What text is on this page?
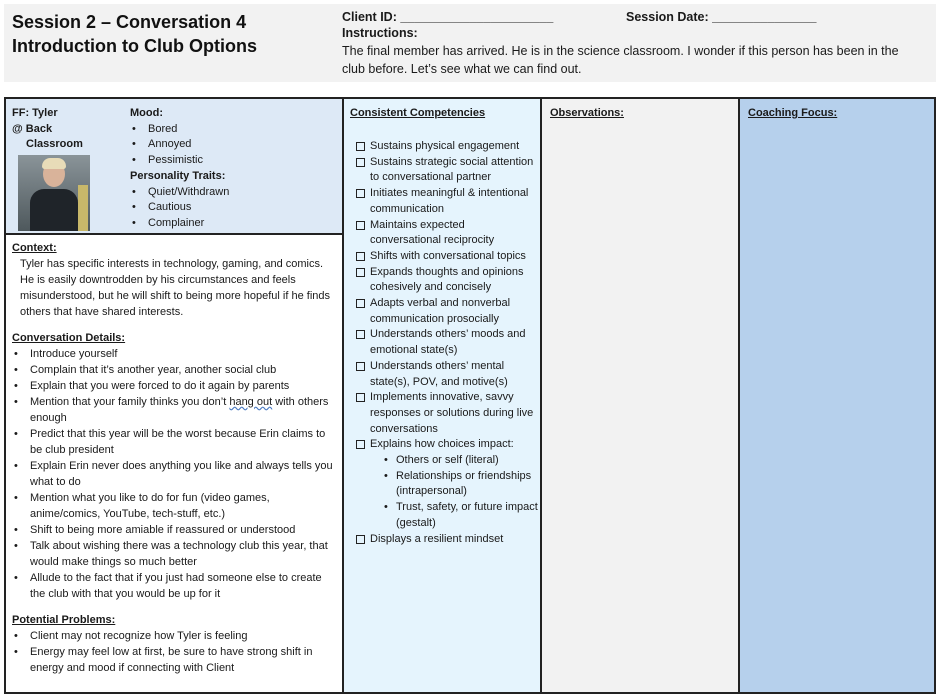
Session 2 – Conversation 4
Introduction to Club Options
Client ID: ______________________	Session Date: _______________
Instructions:
The final member has arrived. He is in the science classroom. I wonder if this person has been in the club before. Let’s see what we can find out.
FF: Tyler
@ Back
Classroom
Mood:
• Bored
• Annoyed
• Pessimistic
Personality Traits:
• Quiet/Withdrawn
• Cautious
• Complainer
Context:
Tyler has specific interests in technology, gaming, and comics. He is easily downtrodden by his circumstances and feels misunderstood, but he will shift to being more hopeful if he finds others that have shared interests.
Conversation Details:
• Introduce yourself
• Complain that it’s another year, another social club
• Explain that you were forced to do it again by parents
• Mention that your family thinks you don’t hang out with others enough
• Predict that this year will be the worst because Erin claims to be club president
• Explain Erin never does anything you like and always tells you what to do
• Mention what you like to do for fun (video games, anime/comics, YouTube, tech-stuff, etc.)
• Shift to being more amiable if reassured or understood
• Talk about wishing there was a technology club this year, that would make things so much better
• Allude to the fact that if you just had someone else to create the club with that you would be up for it
Potential Problems:
• Client may not recognize how Tyler is feeling
• Energy may feel low at first, be sure to have strong shift in energy and mood if connecting with Client
Consistent Competencies
Sustains physical engagement
Sustains strategic social attention to conversational partner
Initiates meaningful & intentional communication
Maintains expected conversational reciprocity
Shifts with conversational topics
Expands thoughts and opinions cohesively and concisely
Adapts verbal and nonverbal communication prosocially
Understands others’ moods and emotional state(s)
Understands others’ mental state(s), POV, and motive(s)
Implements innovative, savvy responses or solutions during live conversations
Explains how choices impact:
• Others or self (literal)
• Relationships or friendships (intrapersonal)
• Trust, safety, or future impact (gestalt)
Displays a resilient mindset
Observations:	Coaching Focus:
